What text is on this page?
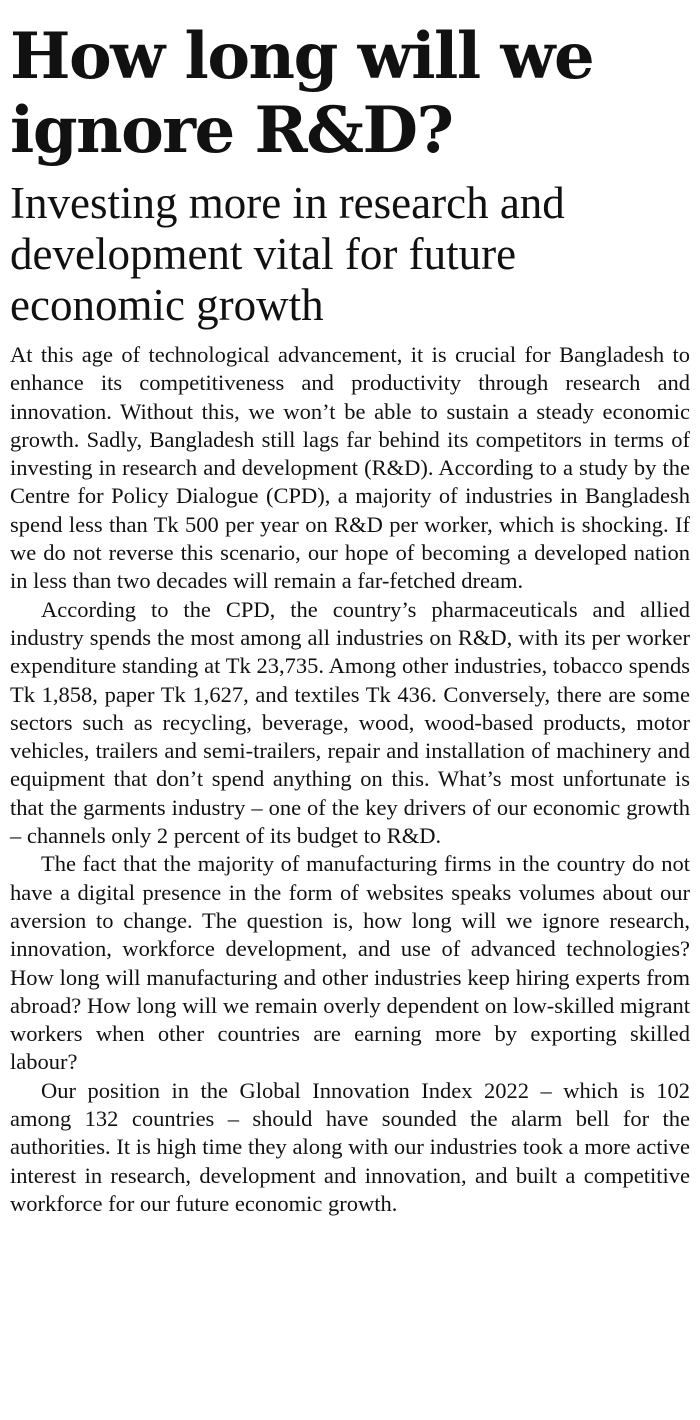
How long will we ignore R&D?
Investing more in research and development vital for future economic growth

At this age of technological advancement, it is crucial for Bangladesh to enhance its competitiveness and productivity through research and innovation. Without this, we won’t be able to sustain a steady economic growth. Sadly, Bangladesh still lags far behind its competitors in terms of investing in research and development (R&D). According to a study by the Centre for Policy Dialogue (CPD), a majority of industries in Bangladesh spend less than Tk 500 per year on R&D per worker, which is shocking. If we do not reverse this scenario, our hope of becoming a developed nation in less than two decades will remain a far-fetched dream.

According to the CPD, the country’s pharmaceuticals and allied industry spends the most among all industries on R&D, with its per worker expenditure standing at Tk 23,735. Among other industries, tobacco spends Tk 1,858, paper Tk 1,627, and textiles Tk 436. Conversely, there are some sectors such as recycling, beverage, wood, wood-based products, motor vehicles, trailers and semi-trailers, repair and installation of machinery and equipment that don’t spend anything on this. What’s most unfortunate is that the garments industry – one of the key drivers of our economic growth – channels only 2 percent of its budget to R&D.

The fact that the majority of manufacturing firms in the country do not have a digital presence in the form of websites speaks volumes about our aversion to change. The question is, how long will we ignore research, innovation, workforce development, and use of advanced technologies? How long will manufacturing and other industries keep hiring experts from abroad? How long will we remain overly dependent on low-skilled migrant workers when other countries are earning more by exporting skilled labour?

Our position in the Global Innovation Index 2022 – which is 102 among 132 countries – should have sounded the alarm bell for the authorities. It is high time they along with our industries took a more active interest in research, development and innovation, and built a competitive workforce for our future economic growth.
